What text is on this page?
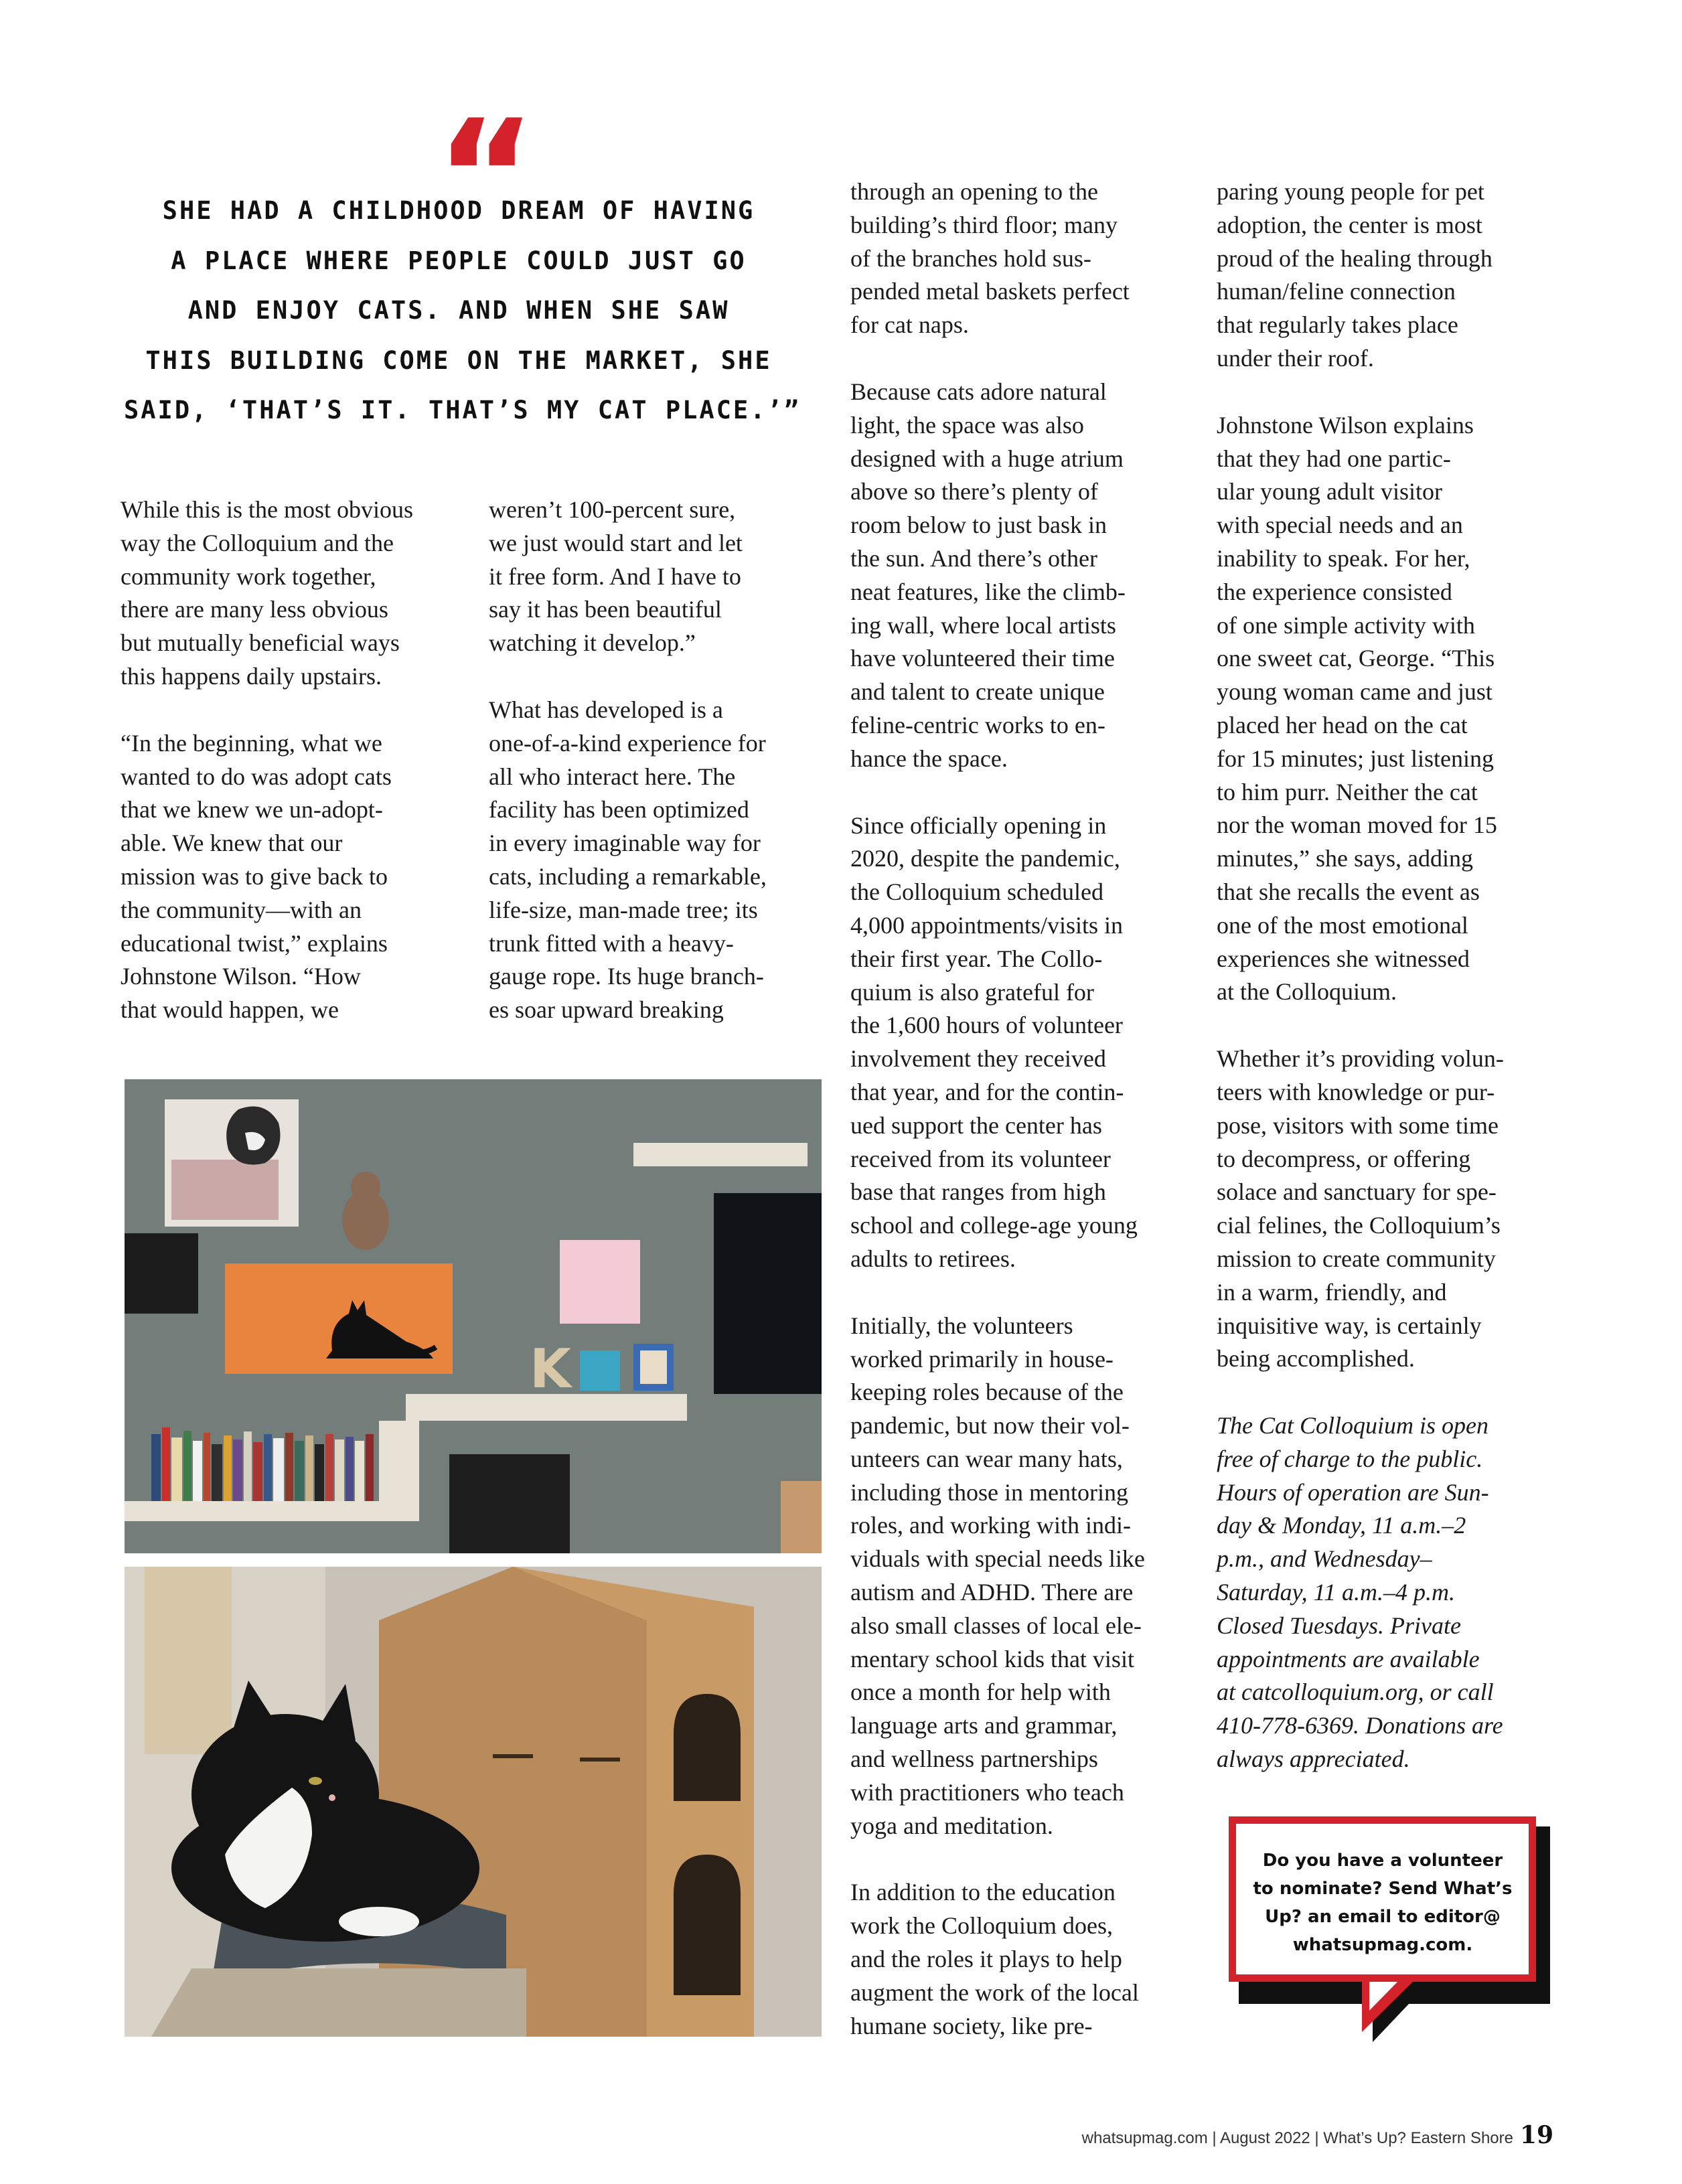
“
SHE HAD A CHILDHOOD DREAM OF HAVING
A PLACE WHERE PEOPLE COULD JUST GO
AND ENJOY CATS. AND WHEN SHE SAW
THIS BUILDING COME ON THE MARKET, SHE
SAID, ‘THAT’S IT. THAT’S MY CAT PLACE.’”

While this is the most obvious
way the Colloquium and the
community work together,
there are many less obvious
but mutually beneficial ways
this happens daily upstairs.

“In the beginning, what we
wanted to do was adopt cats
that we knew we un-adopt-
able. We knew that our
mission was to give back to
the community—with an
educational twist,” explains
Johnstone Wilson. “How
that would happen, we

weren’t 100-percent sure,
we just would start and let
it free form. And I have to
say it has been beautiful
watching it develop.”

What has developed is a
one-of-a-kind experience for
all who interact here. The
facility has been optimized
in every imaginable way for
cats, including a remarkable,
life-size, man-made tree; its
trunk fitted with a heavy-
gauge rope. Its huge branch-
es soar upward breaking

through an opening to the
building’s third floor; many
of the branches hold sus-
pended metal baskets perfect
for cat naps.

Because cats adore natural
light, the space was also
designed with a huge atrium
above so there’s plenty of
room below to just bask in
the sun. And there’s other
neat features, like the climb-
ing wall, where local artists
have volunteered their time
and talent to create unique
feline-centric works to en-
hance the space.

Since officially opening in
2020, despite the pandemic,
the Colloquium scheduled
4,000 appointments/visits in
their first year. The Collo-
quium is also grateful for
the 1,600 hours of volunteer
involvement they received
that year, and for the contin-
ued support the center has
received from its volunteer
base that ranges from high
school and college-age young
adults to retirees.

Initially, the volunteers
worked primarily in house-
keeping roles because of the
pandemic, but now their vol-
unteers can wear many hats,
including those in mentoring
roles, and working with indi-
viduals with special needs like
autism and ADHD. There are
also small classes of local ele-
mentary school kids that visit
once a month for help with
language arts and grammar,
and wellness partnerships
with practitioners who teach
yoga and meditation.

In addition to the education
work the Colloquium does,
and the roles it plays to help
augment the work of the local
humane society, like pre-

paring young people for pet
adoption, the center is most
proud of the healing through
human/feline connection
that regularly takes place
under their roof.

Johnstone Wilson explains
that they had one partic-
ular young adult visitor
with special needs and an
inability to speak. For her,
the experience consisted
of one simple activity with
one sweet cat, George. “This
young woman came and just
placed her head on the cat
for 15 minutes; just listening
to him purr. Neither the cat
nor the woman moved for 15
minutes,” she says, adding
that she recalls the event as
one of the most emotional
experiences she witnessed
at the Colloquium.

Whether it’s providing volun-
teers with knowledge or pur-
pose, visitors with some time
to decompress, or offering
solace and sanctuary for spe-
cial felines, the Colloquium’s
mission to create community
in a warm, friendly, and
inquisitive way, is certainly
being accomplished.

The Cat Colloquium is open
free of charge to the public.
Hours of operation are Sun-
day & Monday, 11 a.m.–2
p.m., and Wednesday–
Saturday, 11 a.m.–4 p.m.
Closed Tuesdays. Private
appointments are available
at catcolloquium.org, or call
410-778-6369. Donations are
always appreciated.

K
Do you have a volunteer
to nominate? Send What’s
Up? an email to editor@
whatsupmag.com.
whatsupmag.com | August 2022 | What’s Up? Eastern Shore 19
